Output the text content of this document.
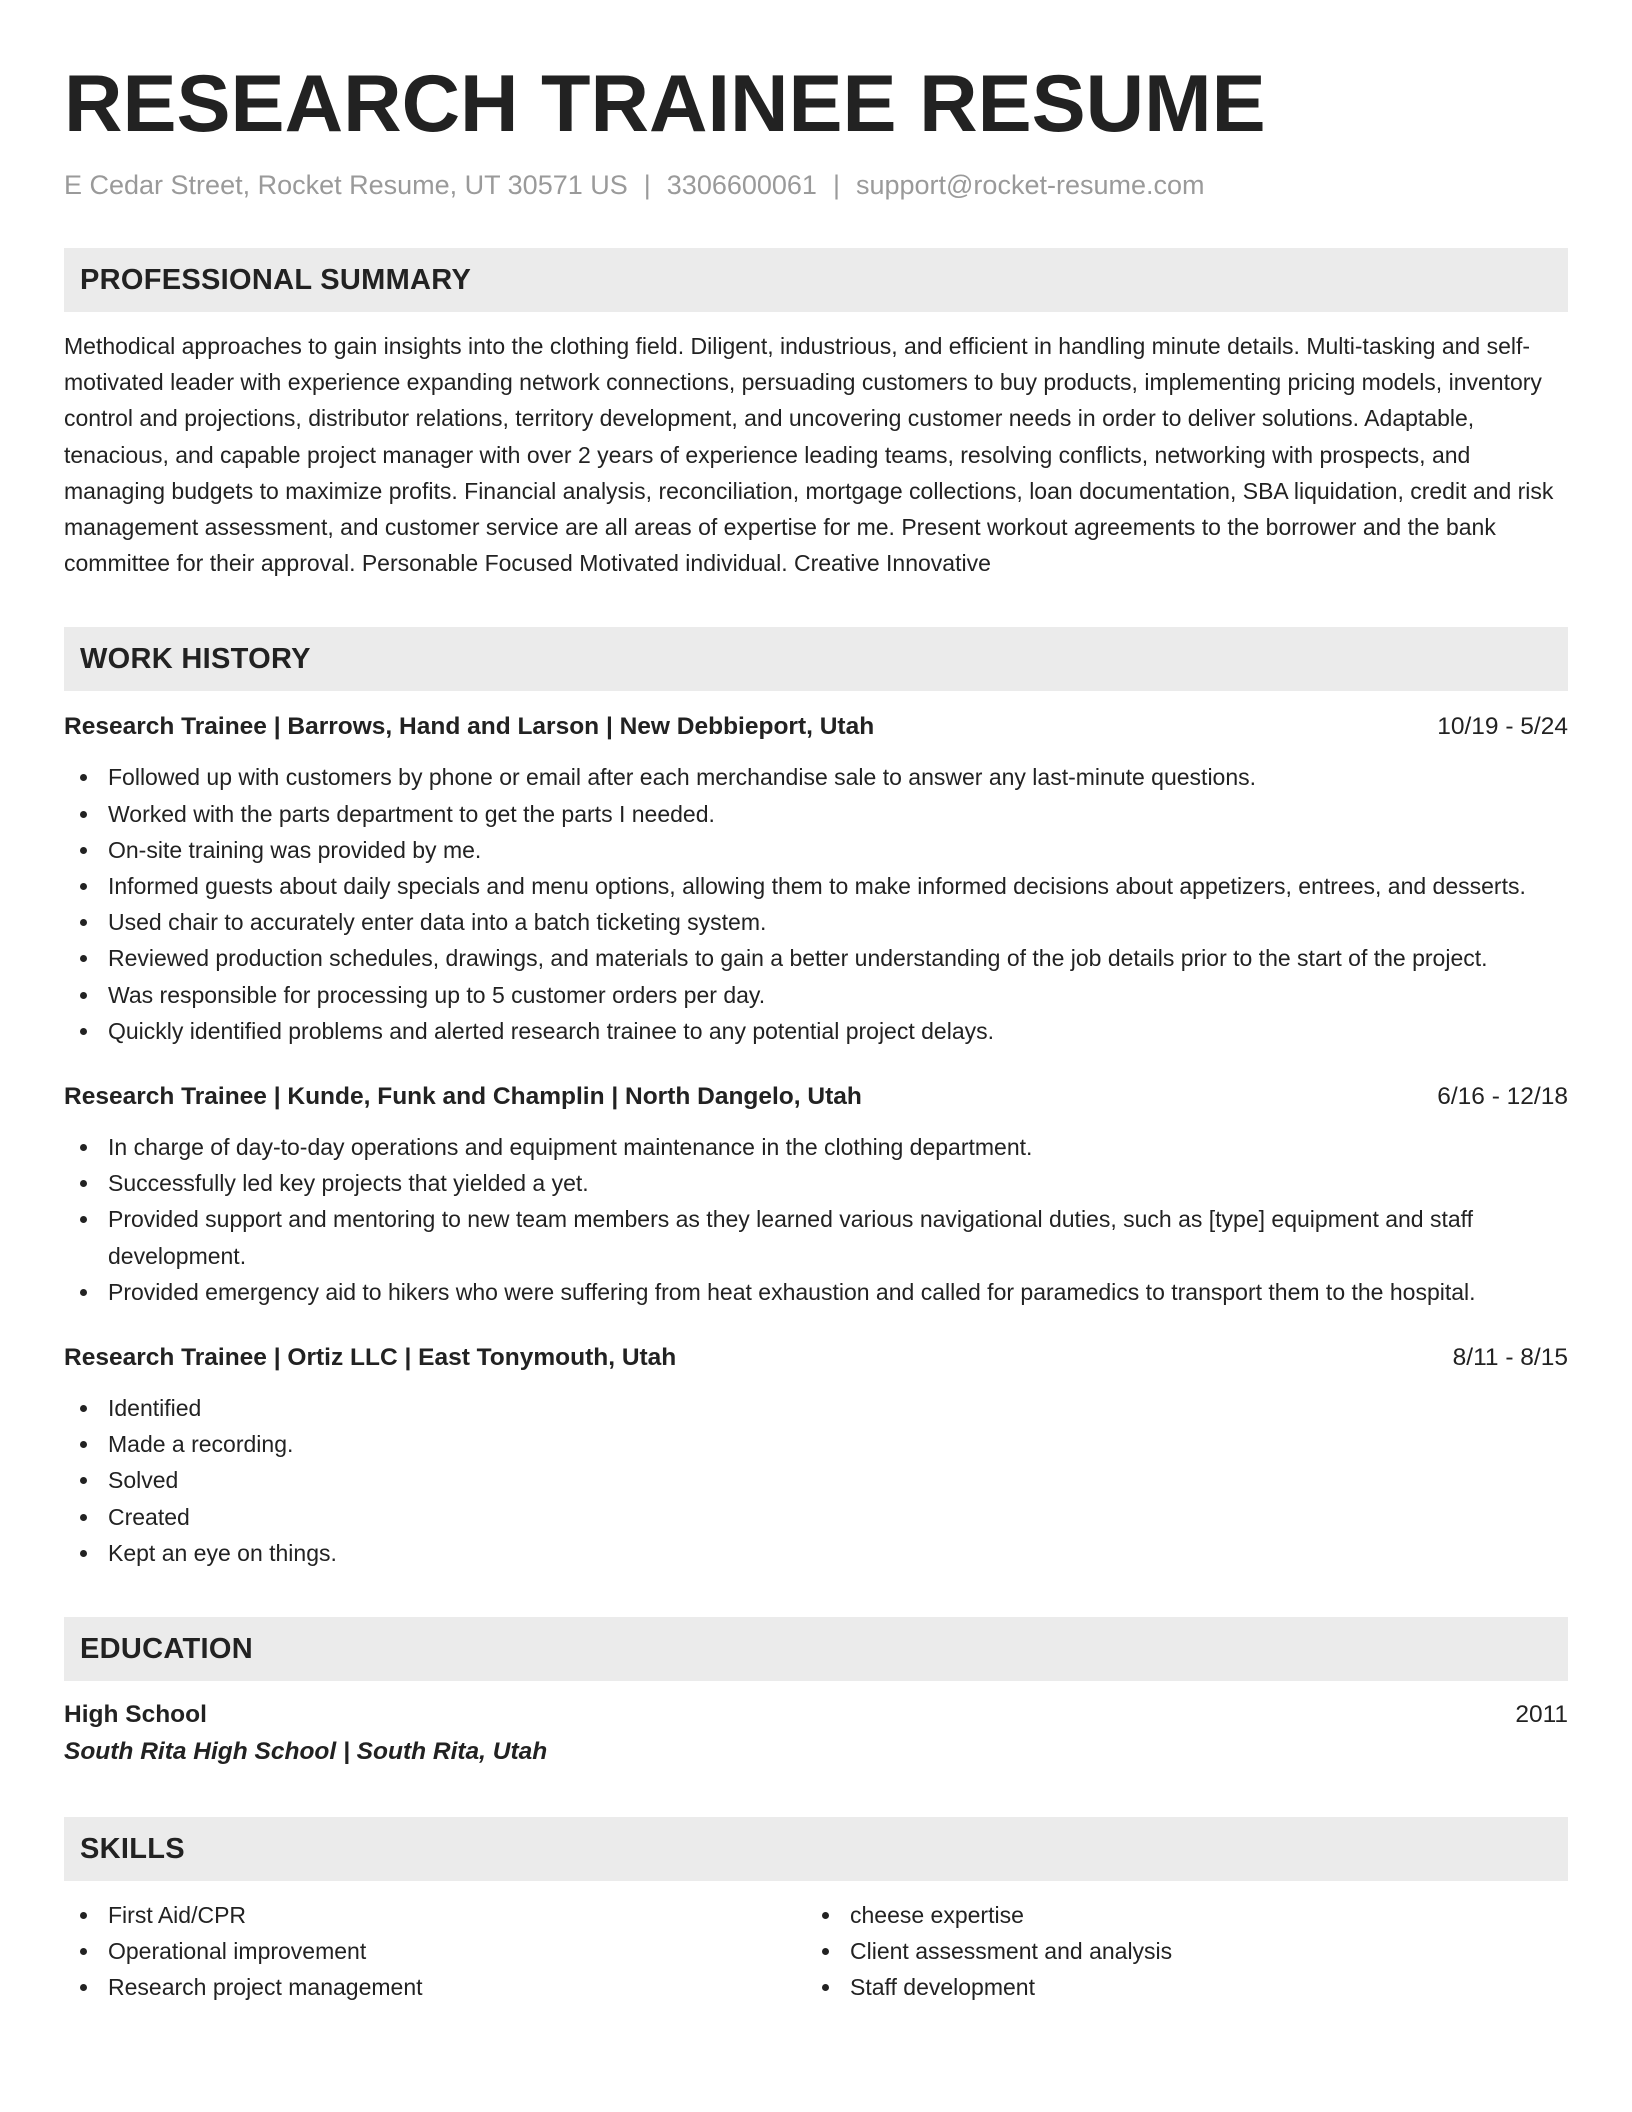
RESEARCH TRAINEE RESUME
E Cedar Street, Rocket Resume, UT 30571 US | 3306600061 | support@rocket-resume.com
PROFESSIONAL SUMMARY

Methodical approaches to gain insights into the clothing field. Diligent, industrious, and efficient in handling minute details. Multi-tasking and self-motivated leader with experience expanding network connections, persuading customers to buy products, implementing pricing models, inventory control and projections, distributor relations, territory development, and uncovering customer needs in order to deliver solutions. Adaptable, tenacious, and capable project manager with over 2 years of experience leading teams, resolving conflicts, networking with prospects, and managing budgets to maximize profits. Financial analysis, reconciliation, mortgage collections, loan documentation, SBA liquidation, credit and risk management assessment, and customer service are all areas of expertise for me. Present workout agreements to the borrower and the bank committee for their approval. Personable Focused Motivated individual. Creative Innovative

WORK HISTORY
Research Trainee | Barrows, Hand and Larson | New Debbieport, Utah	10/19 - 5/24
Followed up with customers by phone or email after each merchandise sale to answer any last-minute questions.
Worked with the parts department to get the parts I needed.
On-site training was provided by me.
Informed guests about daily specials and menu options, allowing them to make informed decisions about appetizers, entrees, and desserts.
Used chair to accurately enter data into a batch ticketing system.
Reviewed production schedules, drawings, and materials to gain a better understanding of the job details prior to the start of the project.
Was responsible for processing up to 5 customer orders per day.
Quickly identified problems and alerted research trainee to any potential project delays.
Research Trainee | Kunde, Funk and Champlin | North Dangelo, Utah	6/16 - 12/18
In charge of day-to-day operations and equipment maintenance in the clothing department.
Successfully led key projects that yielded a yet.
Provided support and mentoring to new team members as they learned various navigational duties, such as [type] equipment and staff development.
Provided emergency aid to hikers who were suffering from heat exhaustion and called for paramedics to transport them to the hospital.
Research Trainee | Ortiz LLC | East Tonymouth, Utah	8/11 - 8/15
Identified
Made a recording.
Solved
Created
Kept an eye on things.
EDUCATION
High School	2011
South Rita High School | South Rita, Utah
SKILLS
First Aid/CPR
Operational improvement
Research project management
cheese expertise
Client assessment and analysis
Staff development
